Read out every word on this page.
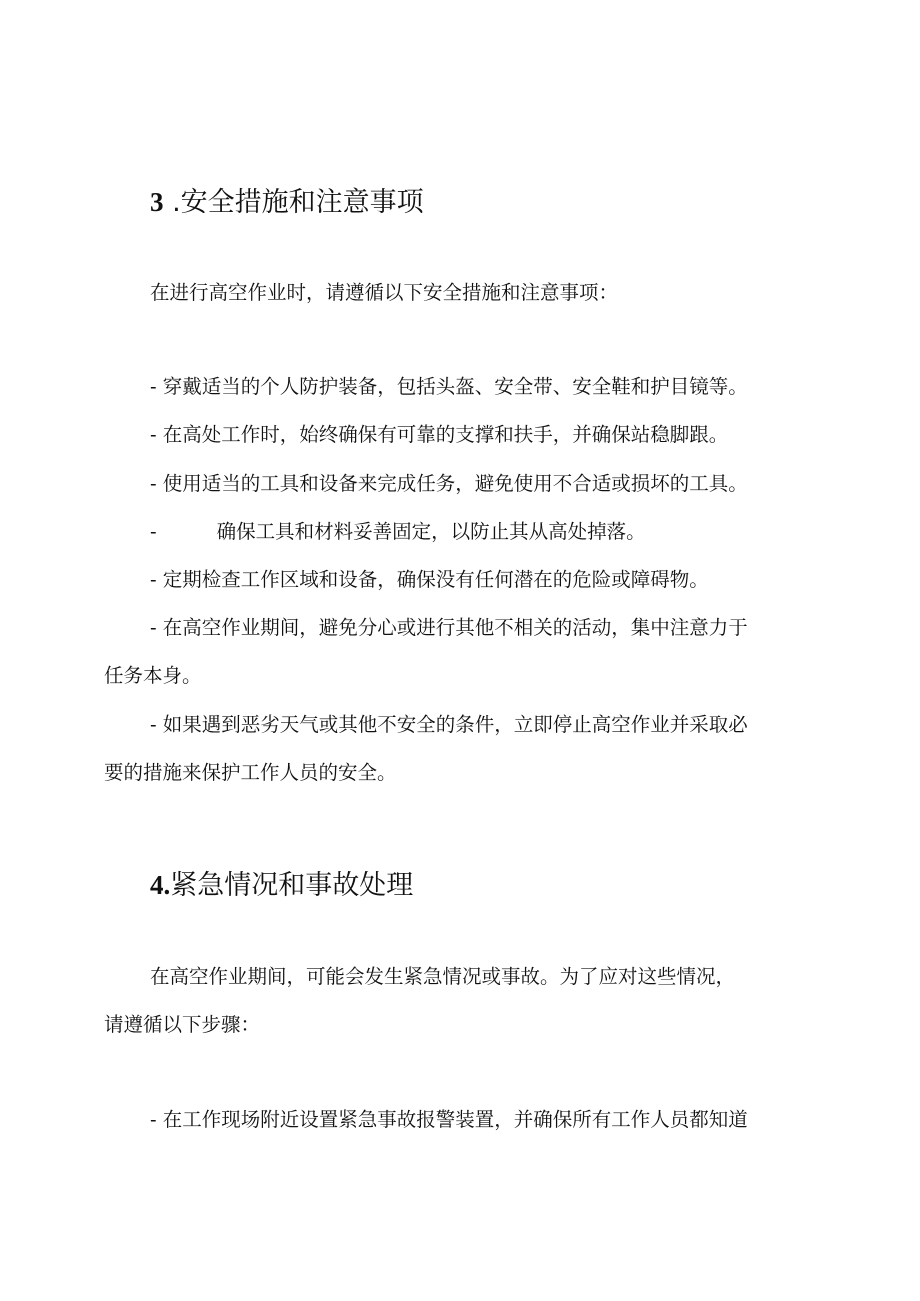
3 .安全措施和注意事项

在进行高空作业时，请遵循以下安全措施和注意事项：

- 穿戴适当的个人防护装备，包括头盔、安全带、安全鞋和护目镜等。

- 在高处工作时，始终确保有可靠的支撑和扶手，并确保站稳脚跟。

- 使用适当的工具和设备来完成任务，避免使用不合适或损坏的工具。

-	确保工具和材料妥善固定，以防止其从高处掉落。

- 定期检查工作区域和设备，确保没有任何潜在的危险或障碍物。

- 在高空作业期间，避免分心或进行其他不相关的活动，集中注意力于

任务本身。

- 如果遇到恶劣天气或其他不安全的条件，立即停止高空作业并采取必

要的措施来保护工作人员的安全。

4.紧急情况和事故处理

在高空作业期间，可能会发生紧急情况或事故。为了应对这些情况，

请遵循以下步骤：

- 在工作现场附近设置紧急事故报警装置，并确保所有工作人员都知道
